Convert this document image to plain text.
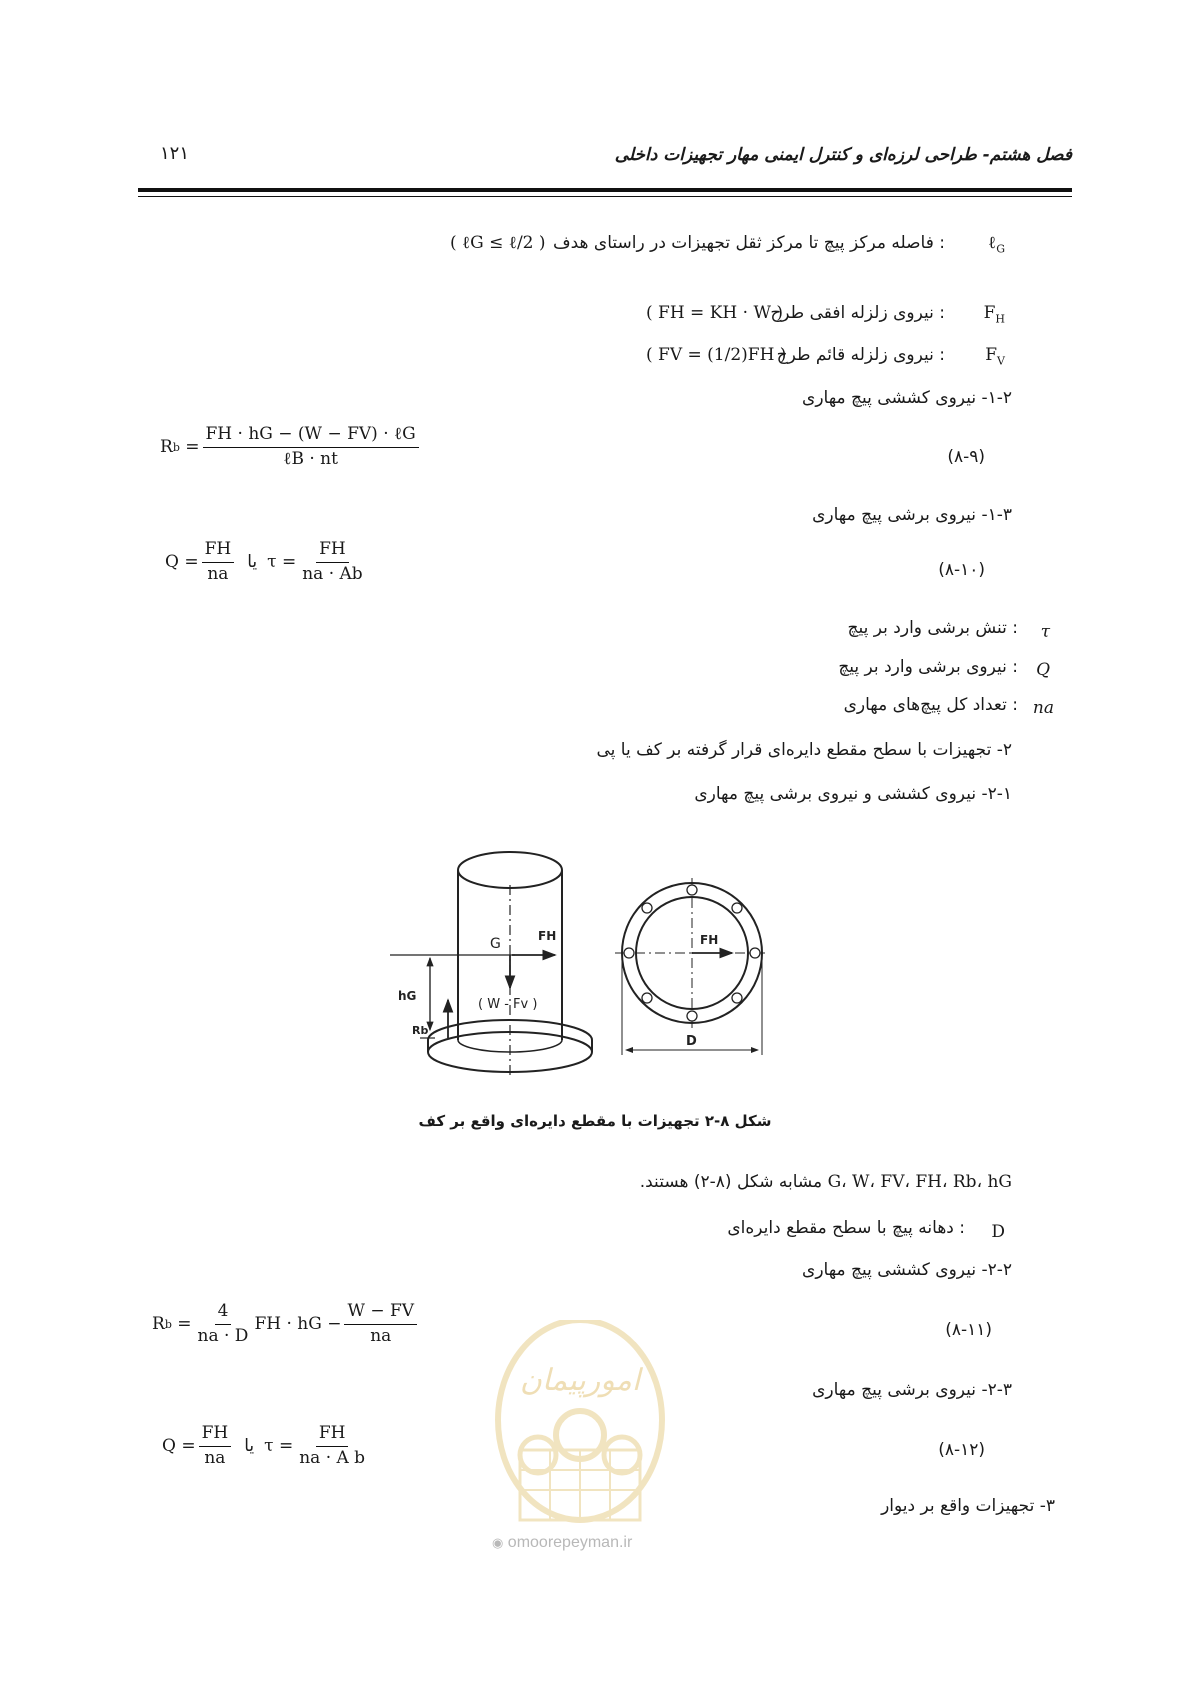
فصل هشتم- طراحی لرزه‌ای و کنترل ایمنی مهار تجهیزات داخلی
۱۲۱
ℓ$_G$
: فاصله مرکز پیچ تا مرکز ثقل تجهیزات در راستای هدف
( ℓG ≤ ℓ/2 )
$F_H$
: نیروی زلزله افقی طرح
( FH = KH · W )
$F_V$
: نیروی زلزله قائم طرح
( FV = (1/2)FH )
۱-۲- نیروی کششی پیچ مهاری
(۸-۹)
R $b = \frac{\text{FH · hG − (W − FV) · ℓG}}{\text{ℓB · nt}}$
۱-۳- نیروی برشی پیچ مهاری
(۸-۱۰)
$Q = \frac{FH}{na}$ یا $\tau = \frac{FH}{na \cdot Ab}$
τ
: تنش برشی وارد بر پیچ
Q
: نیروی برشی وارد بر پیچ
na
: تعداد کل پیچ‌های مهاری
۲- تجهیزات با سطح مقطع دایره‌ای قرار گرفته بر کف یا پی
۲-۱- نیروی کششی و نیروی برشی پیچ مهاری
G	FH
( W - Fv )
hG
Rb
FH
D
شکل ۸-۲ تجهیزات با مقطع دایره‌ای واقع بر کف
G، W، FV، FH، Rb، hG مشابه شکل (۸-۲) هستند.
D
: دهانه پیچ با سطح مقطع دایره‌ای
۲-۲- نیروی کششی پیچ مهاری
(۸-۱۱)
R $b = \frac{4}{na \cdot D}$ FH · hG − $\frac{W - FV}{na}$
امورپیمان
◉ omoorepeyman.ir
۲-۳- نیروی برشی پیچ مهاری
(۸-۱۲)
$Q = \frac{FH}{na}$ یا $\tau = \frac{FH}{\text{na · A b}}$
۳- تجهیزات واقع بر دیوار
